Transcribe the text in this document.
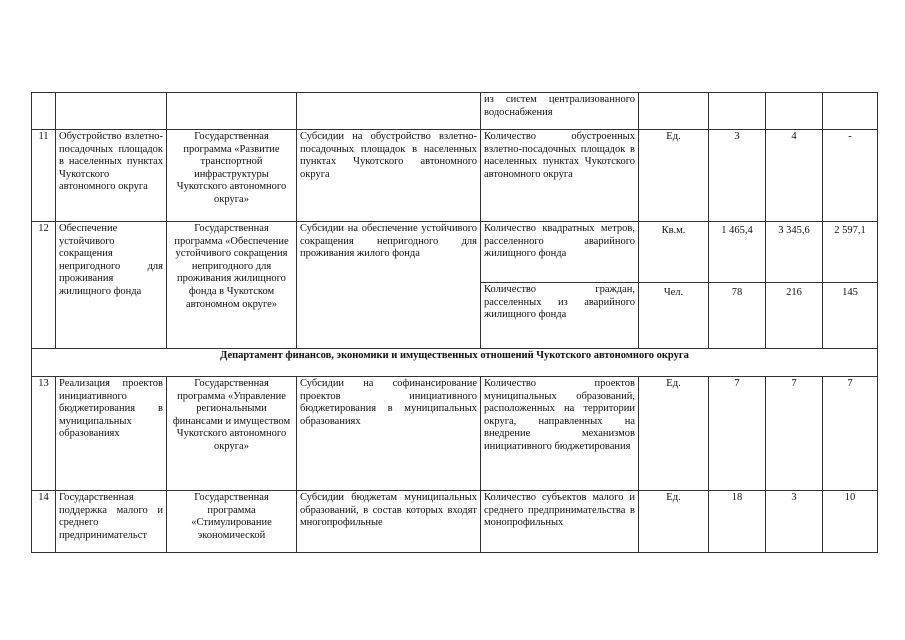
				из систем централизованного водоснабжения				
11	Обустройство взлетно-посадочных площадок в населенных пунктах Чукотского автономного округа	Государственная программа «Развитие транспортной инфраструктуры Чукотского автономного округа»	Субсидии на обустройство взлетно-посадочных площадок в населенных пунктах Чукотского автономного округа	Количество обустроенных взлетно-посадочных площадок в населенных пунктах Чукотского автономного округа	Ед.	3	4	-
12	Обеспечение устойчивого сокращения непригодного для проживания жилищного фонда	Государственная программа «Обеспечение устойчивого сокращения непригодного для проживания жилищного фонда в Чукотском автономном округе»	Субсидии на обеспечение устойчивого сокращения непригодного для проживания жилого фонда	Количество квадратных метров, расселенного аварийного жилищного фонда	Кв.м.	1 465,4	3 345,6	2 597,1
				Количество граждан, расселенных из аварийного жилищного фонда	Чел.	78	216	145
Департамент финансов, экономики и имущественных отношений Чукотского автономного округа								
13	Реализация проектов инициативного бюджетирования в муниципальных образованиях	Государственная программа «Управление региональными финансами и имуществом Чукотского автономного округа»	Субсидии на софинансирование проектов инициативного бюджетирования в муниципальных образованиях	Количество проектов муниципальных образований, расположенных на территории округа, направленных на внедрение механизмов инициативного бюджетирования	Ед.	7	7	7
14	Государственная поддержка малого и среднего предпринимательст	Государственная программа «Стимулирование экономической	Субсидии бюджетам муниципальных образований, в состав которых входят многопрофильные	Количество субъектов малого и среднего предпринимательства в монопрофильных	Ед.	18	3	10
